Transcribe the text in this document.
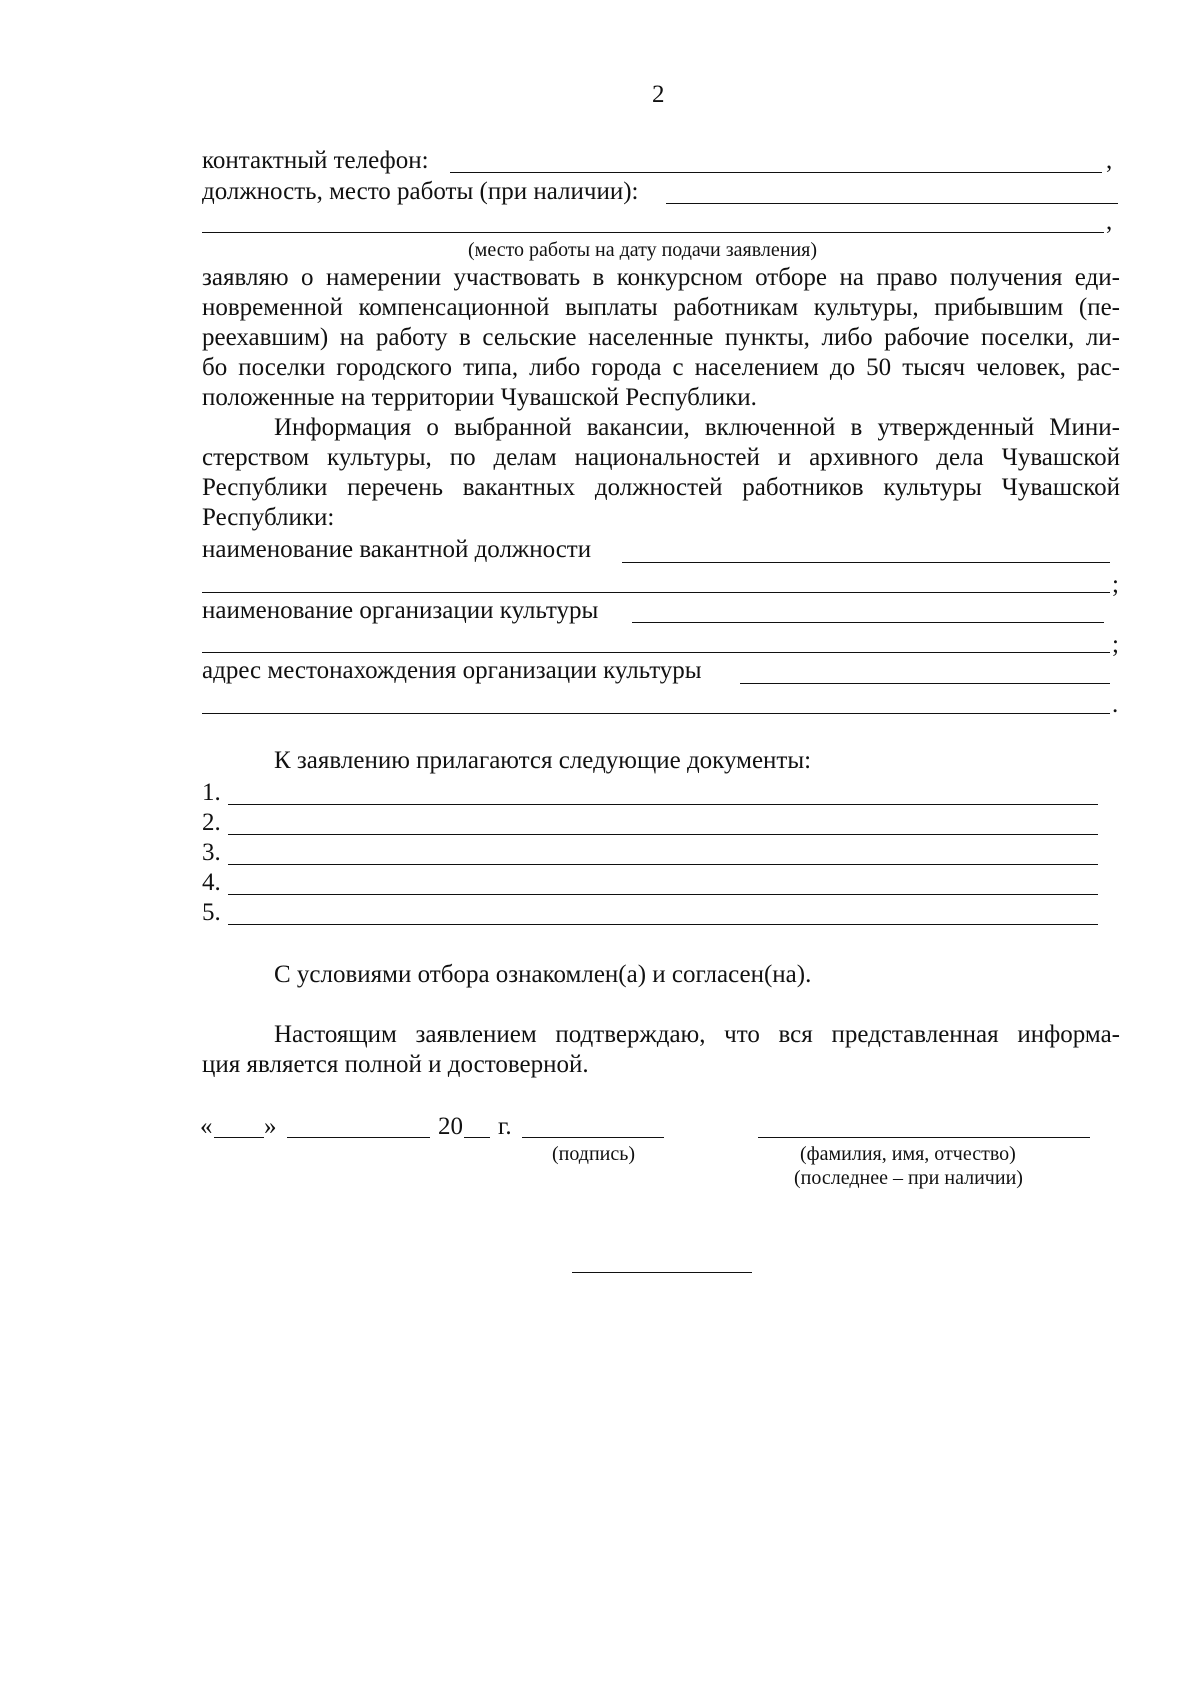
2
контактный телефон:	,
должность, место работы (при наличии):
,
(место работы на дату подачи заявления)
заявляю о намерении участвовать в конкурсном отборе на право получения еди-
новременной компенсационной выплаты работникам культуры, прибывшим (пе-
реехавшим) на работу в сельские населенные пункты, либо рабочие поселки, ли-
бо поселки городского типа, либо города с населением до 50 тысяч человек, рас-
положенные на территории Чувашской Республики.
Информация о выбранной вакансии, включенной в утвержденный Мини-
стерством культуры, по делам национальностей и архивного дела Чувашской
Республики перечень вакантных должностей работников культуры Чувашской
Республики:
наименование вакантной должности
;
наименование организации культуры
;
адрес местонахождения организации культуры
.
К заявлению прилагаются следующие документы:
1.
2.
3.
4.
5.
С условиями отбора ознакомлен(а) и согласен(на).
Настоящим заявлением подтверждаю, что вся представленная информа-
ция является полной и достоверной.
« »	20 г.
(подпись)	(фамилия, имя, отчество)
(последнее – при наличии)
